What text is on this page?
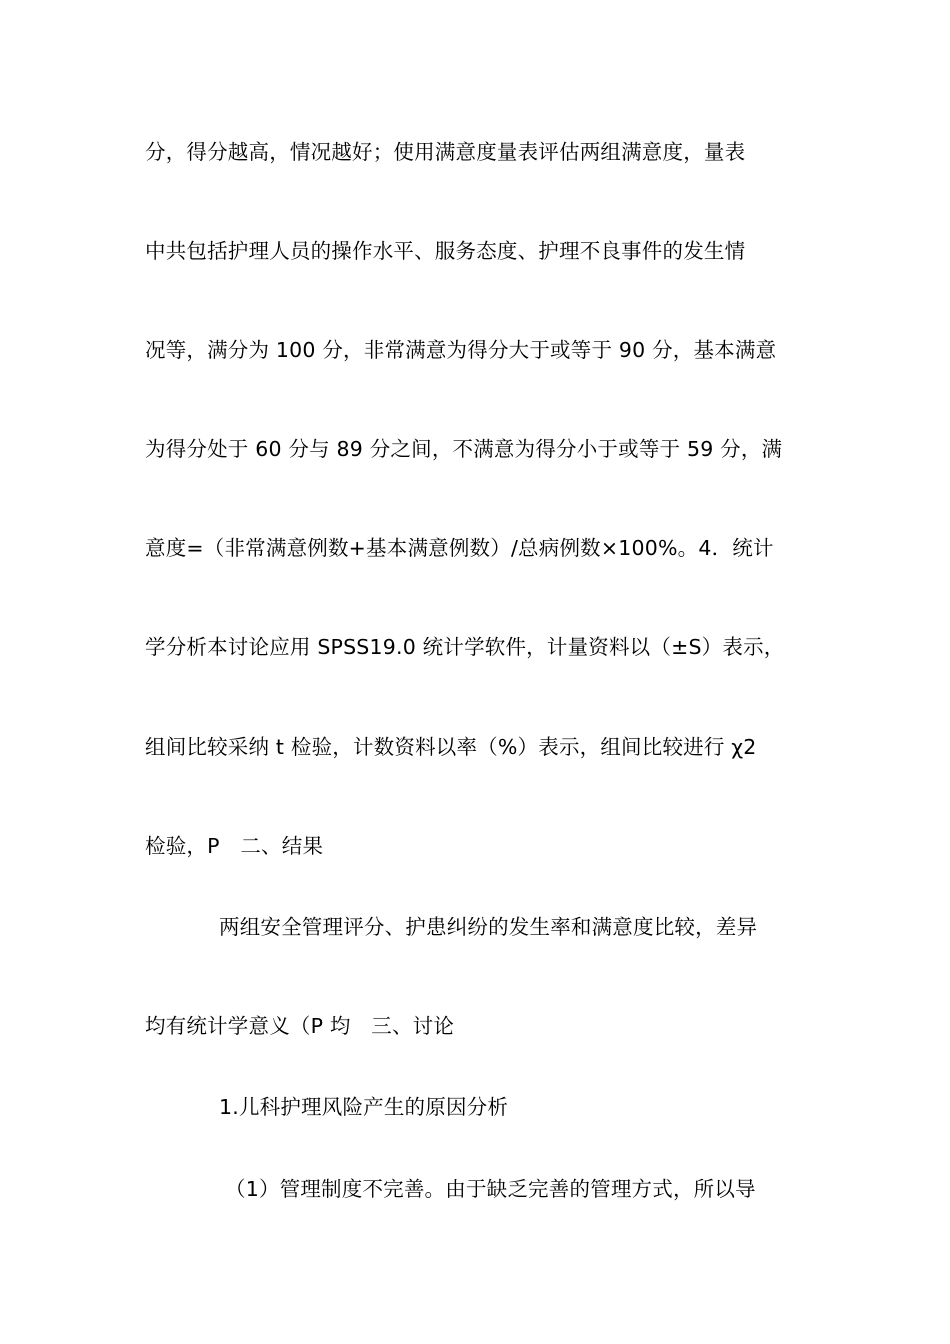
分，得分越高，情况越好；使用满意度量表评估两组满意度，量表
中共包括护理人员的操作水平、服务态度、护理不良事件的发生情
况等，满分为 100 分，非常满意为得分大于或等于 90 分，基本满意
为得分处于 60 分与 89 分之间，不满意为得分小于或等于 59 分，满
意度=（非常满意例数+基本满意例数）/总病例数×100%。4．统计
学分析本讨论应用 SPSS19.0 统计学软件，计量资料以（±S）表示，
组间比较采纳 t 检验，计数资料以率（%）表示，组间比较进行 χ2
检验，P　二、结果
两组安全管理评分、护患纠纷的发生率和满意度比较，差异
均有统计学意义（P 均　三、讨论
1.儿科护理风险产生的原因分析
（1）管理制度不完善。由于缺乏完善的管理方式，所以导
